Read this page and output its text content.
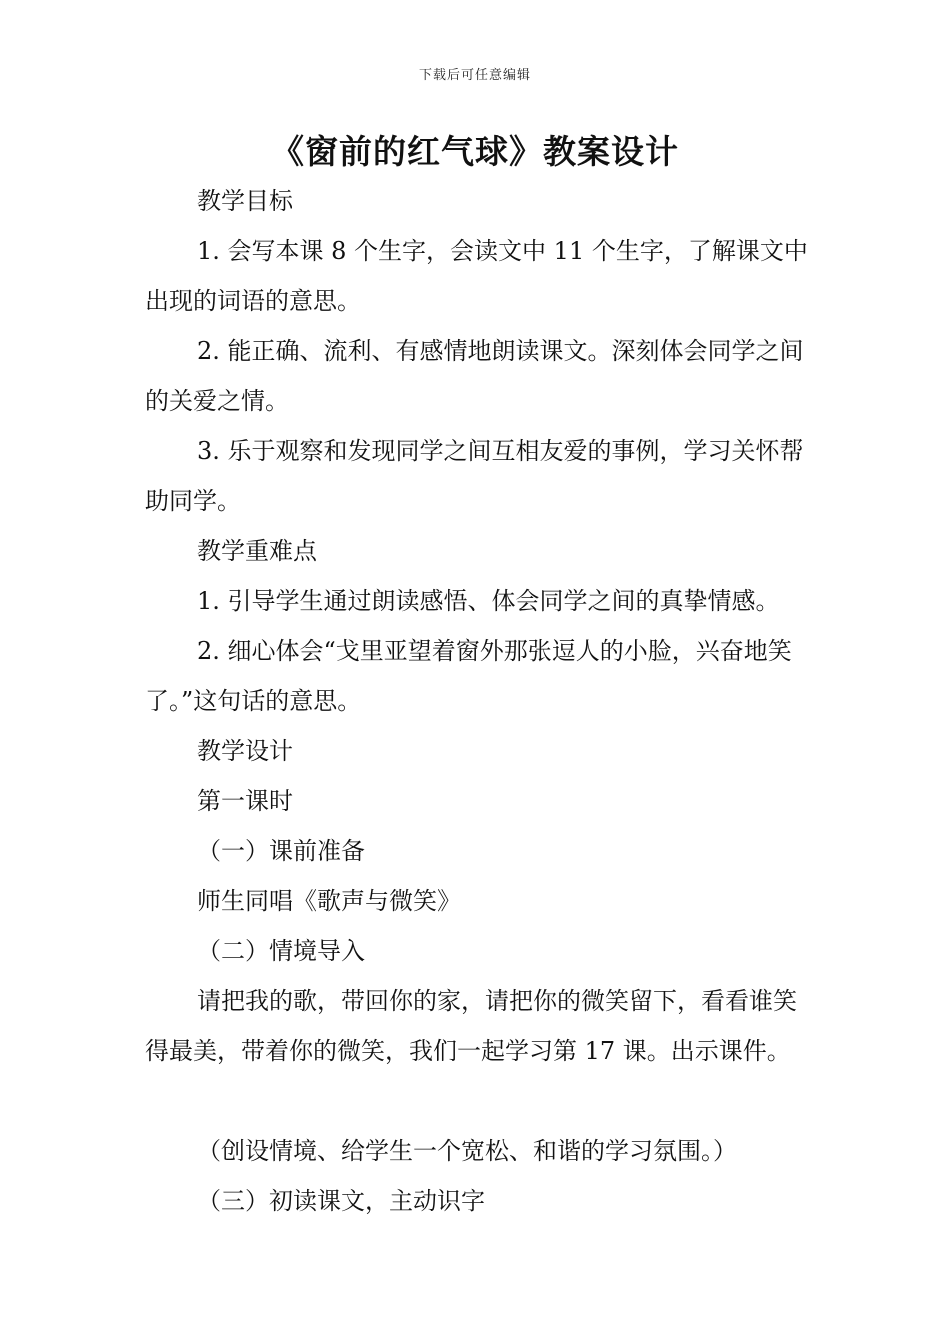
下载后可任意编辑
《窗前的红气球》教案设计

教学目标

1. 会写本课 8 个生字，会读文中 11 个生字，了解课文中出现的词语的意思。

2. 能正确、流利、有感情地朗读课文。深刻体会同学之间的关爱之情。

3. 乐于观察和发现同学之间互相友爱的事例，学习关怀帮助同学。

教学重难点

1. 引导学生通过朗读感悟、体会同学之间的真挚情感。

2. 细心体会“戈里亚望着窗外那张逗人的小脸，兴奋地笑了。”这句话的意思。

教学设计

第一课时

（一）课前准备

师生同唱《歌声与微笑》

（二）情境导入

请把我的歌，带回你的家，请把你的微笑留下，看看谁笑得最美，带着你的微笑，我们一起学习第 17 课。出示课件。

（创设情境、给学生一个宽松、和谐的学习氛围。）

（三）初读课文，主动识字
